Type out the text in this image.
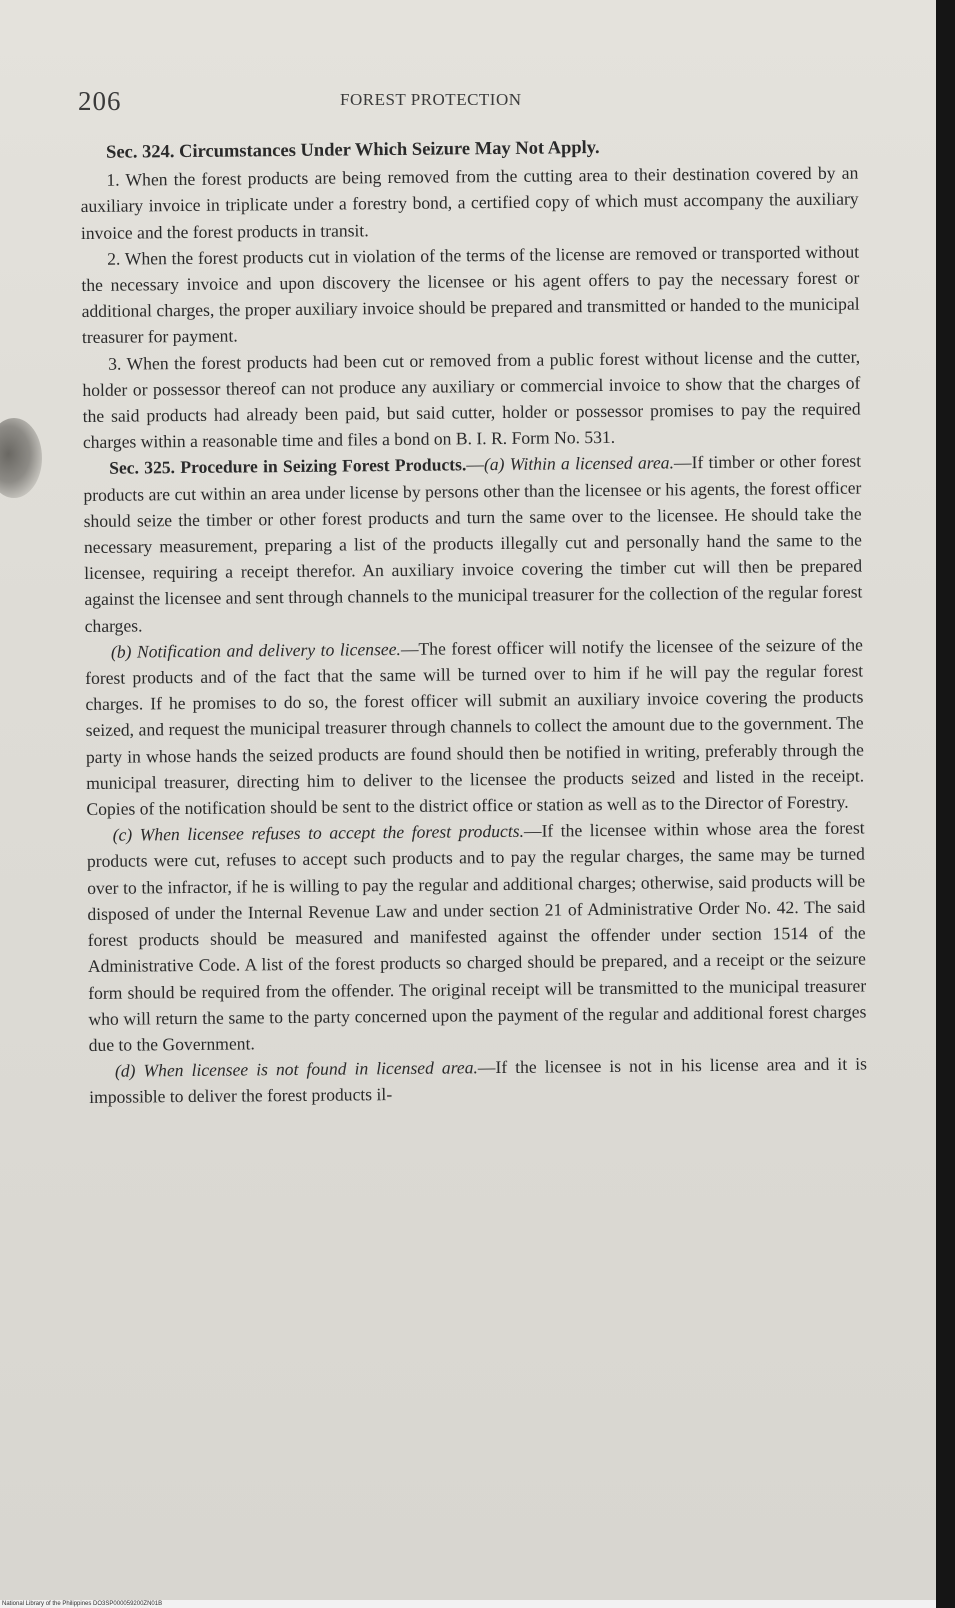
206	FOREST PROTECTION

Sec. 324. Circumstances Under Which Seizure May Not Apply.

1. When the forest products are being removed from the cutting area to their destination covered by an auxiliary invoice in triplicate under a forestry bond, a certified copy of which must accompany the auxiliary invoice and the forest products in transit.

2. When the forest products cut in violation of the terms of the license are removed or transported without the necessary invoice and upon discovery the licensee or his agent offers to pay the necessary forest or additional charges, the proper auxiliary invoice should be prepared and transmitted or handed to the municipal treasurer for payment.

3. When the forest products had been cut or removed from a public forest without license and the cutter, holder or possessor thereof can not produce any auxiliary or commercial invoice to show that the charges of the said products had already been paid, but said cutter, holder or possessor promises to pay the required charges within a reasonable time and files a bond on B. I. R. Form No. 531.

Sec. 325. Procedure in Seizing Forest Products.—(a) Within a licensed area.—If timber or other forest products are cut within an area under license by persons other than the licensee or his agents, the forest officer should seize the timber or other forest products and turn the same over to the licensee. He should take the necessary measurement, preparing a list of the products illegally cut and personally hand the same to the licensee, requiring a receipt therefor. An auxiliary invoice covering the timber cut will then be prepared against the licensee and sent through channels to the municipal treasurer for the collection of the regular forest charges.

(b) Notification and delivery to licensee.—The forest officer will notify the licensee of the seizure of the forest products and of the fact that the same will be turned over to him if he will pay the regular forest charges. If he promises to do so, the forest officer will submit an auxiliary invoice covering the products seized, and request the municipal treasurer through channels to collect the amount due to the government. The party in whose hands the seized products are found should then be notified in writing, preferably through the municipal treasurer, directing him to deliver to the licensee the products seized and listed in the receipt. Copies of the notification should be sent to the district office or station as well as to the Director of Forestry.

(c) When licensee refuses to accept the forest products.—If the licensee within whose area the forest products were cut, refuses to accept such products and to pay the regular charges, the same may be turned over to the infractor, if he is willing to pay the regular and additional charges; otherwise, said products will be disposed of under the Internal Revenue Law and under section 21 of Administrative Order No. 42. The said forest products should be measured and manifested against the offender under section 1514 of the Administrative Code. A list of the forest products so charged should be prepared, and a receipt or the seizure form should be required from the offender. The original receipt will be transmitted to the municipal treasurer who will return the same to the party concerned upon the payment of the regular and additional forest charges due to the Government.

(d) When licensee is not found in licensed area.—If the licensee is not in his license area and it is impossible to deliver the forest products il-

National Library of the Philippines DO3SP000059200ZN01B
